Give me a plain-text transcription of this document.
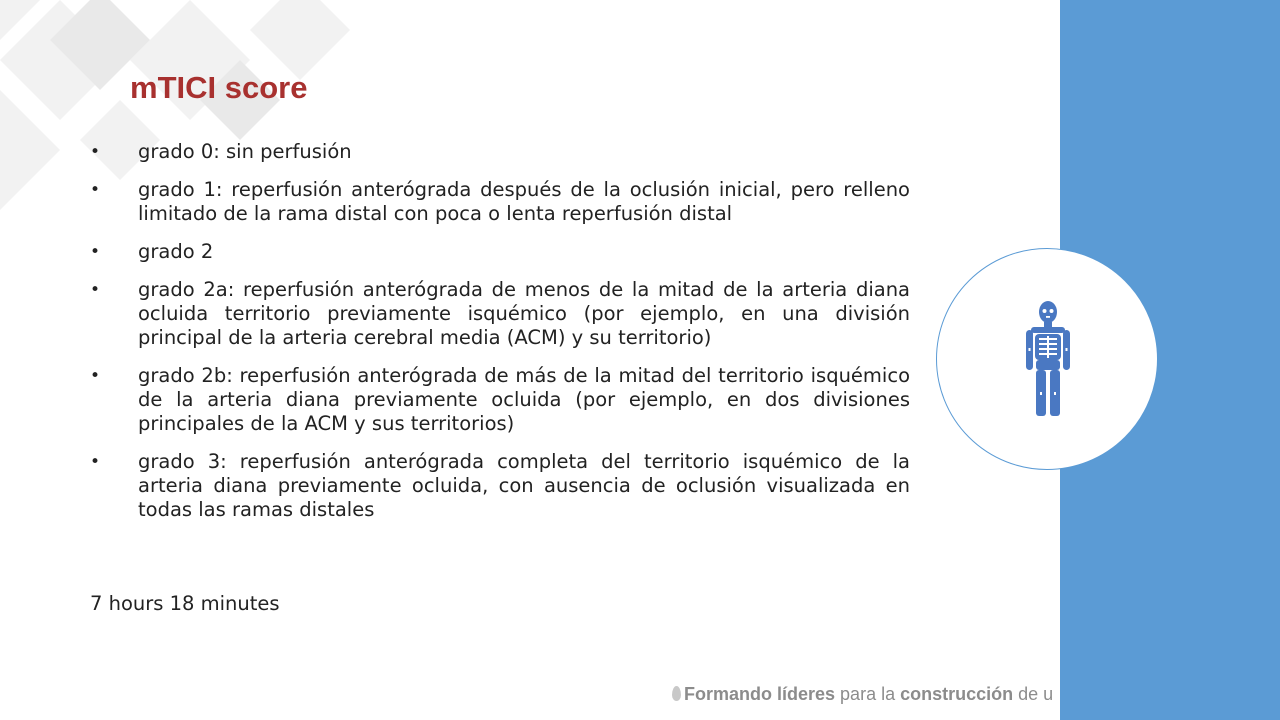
mTICI score
•	grado 0: sin perfusión
•	grado 1: reperfusión anterógrada después de la oclusión inicial, pero relleno limitado de la rama distal con poca o lenta reperfusión distal
•	grado 2
•	grado 2a: reperfusión anterógrada de menos de la mitad de la arteria diana ocluida territorio previamente isquémico (por ejemplo, en una división principal de la arteria cerebral media (ACM) y su territorio)
•	grado 2b: reperfusión anterógrada de más de la mitad del territorio isquémico de la arteria diana previamente ocluida (por ejemplo, en dos divisiones principales de la ACM y sus territorios)
•	grado 3: reperfusión anterógrada completa del territorio isquémico de la arteria diana previamente ocluida, con ausencia de oclusión visualizada en todas las ramas distales

7 hours 18 minutes

Formando líderes para la construcción de u
